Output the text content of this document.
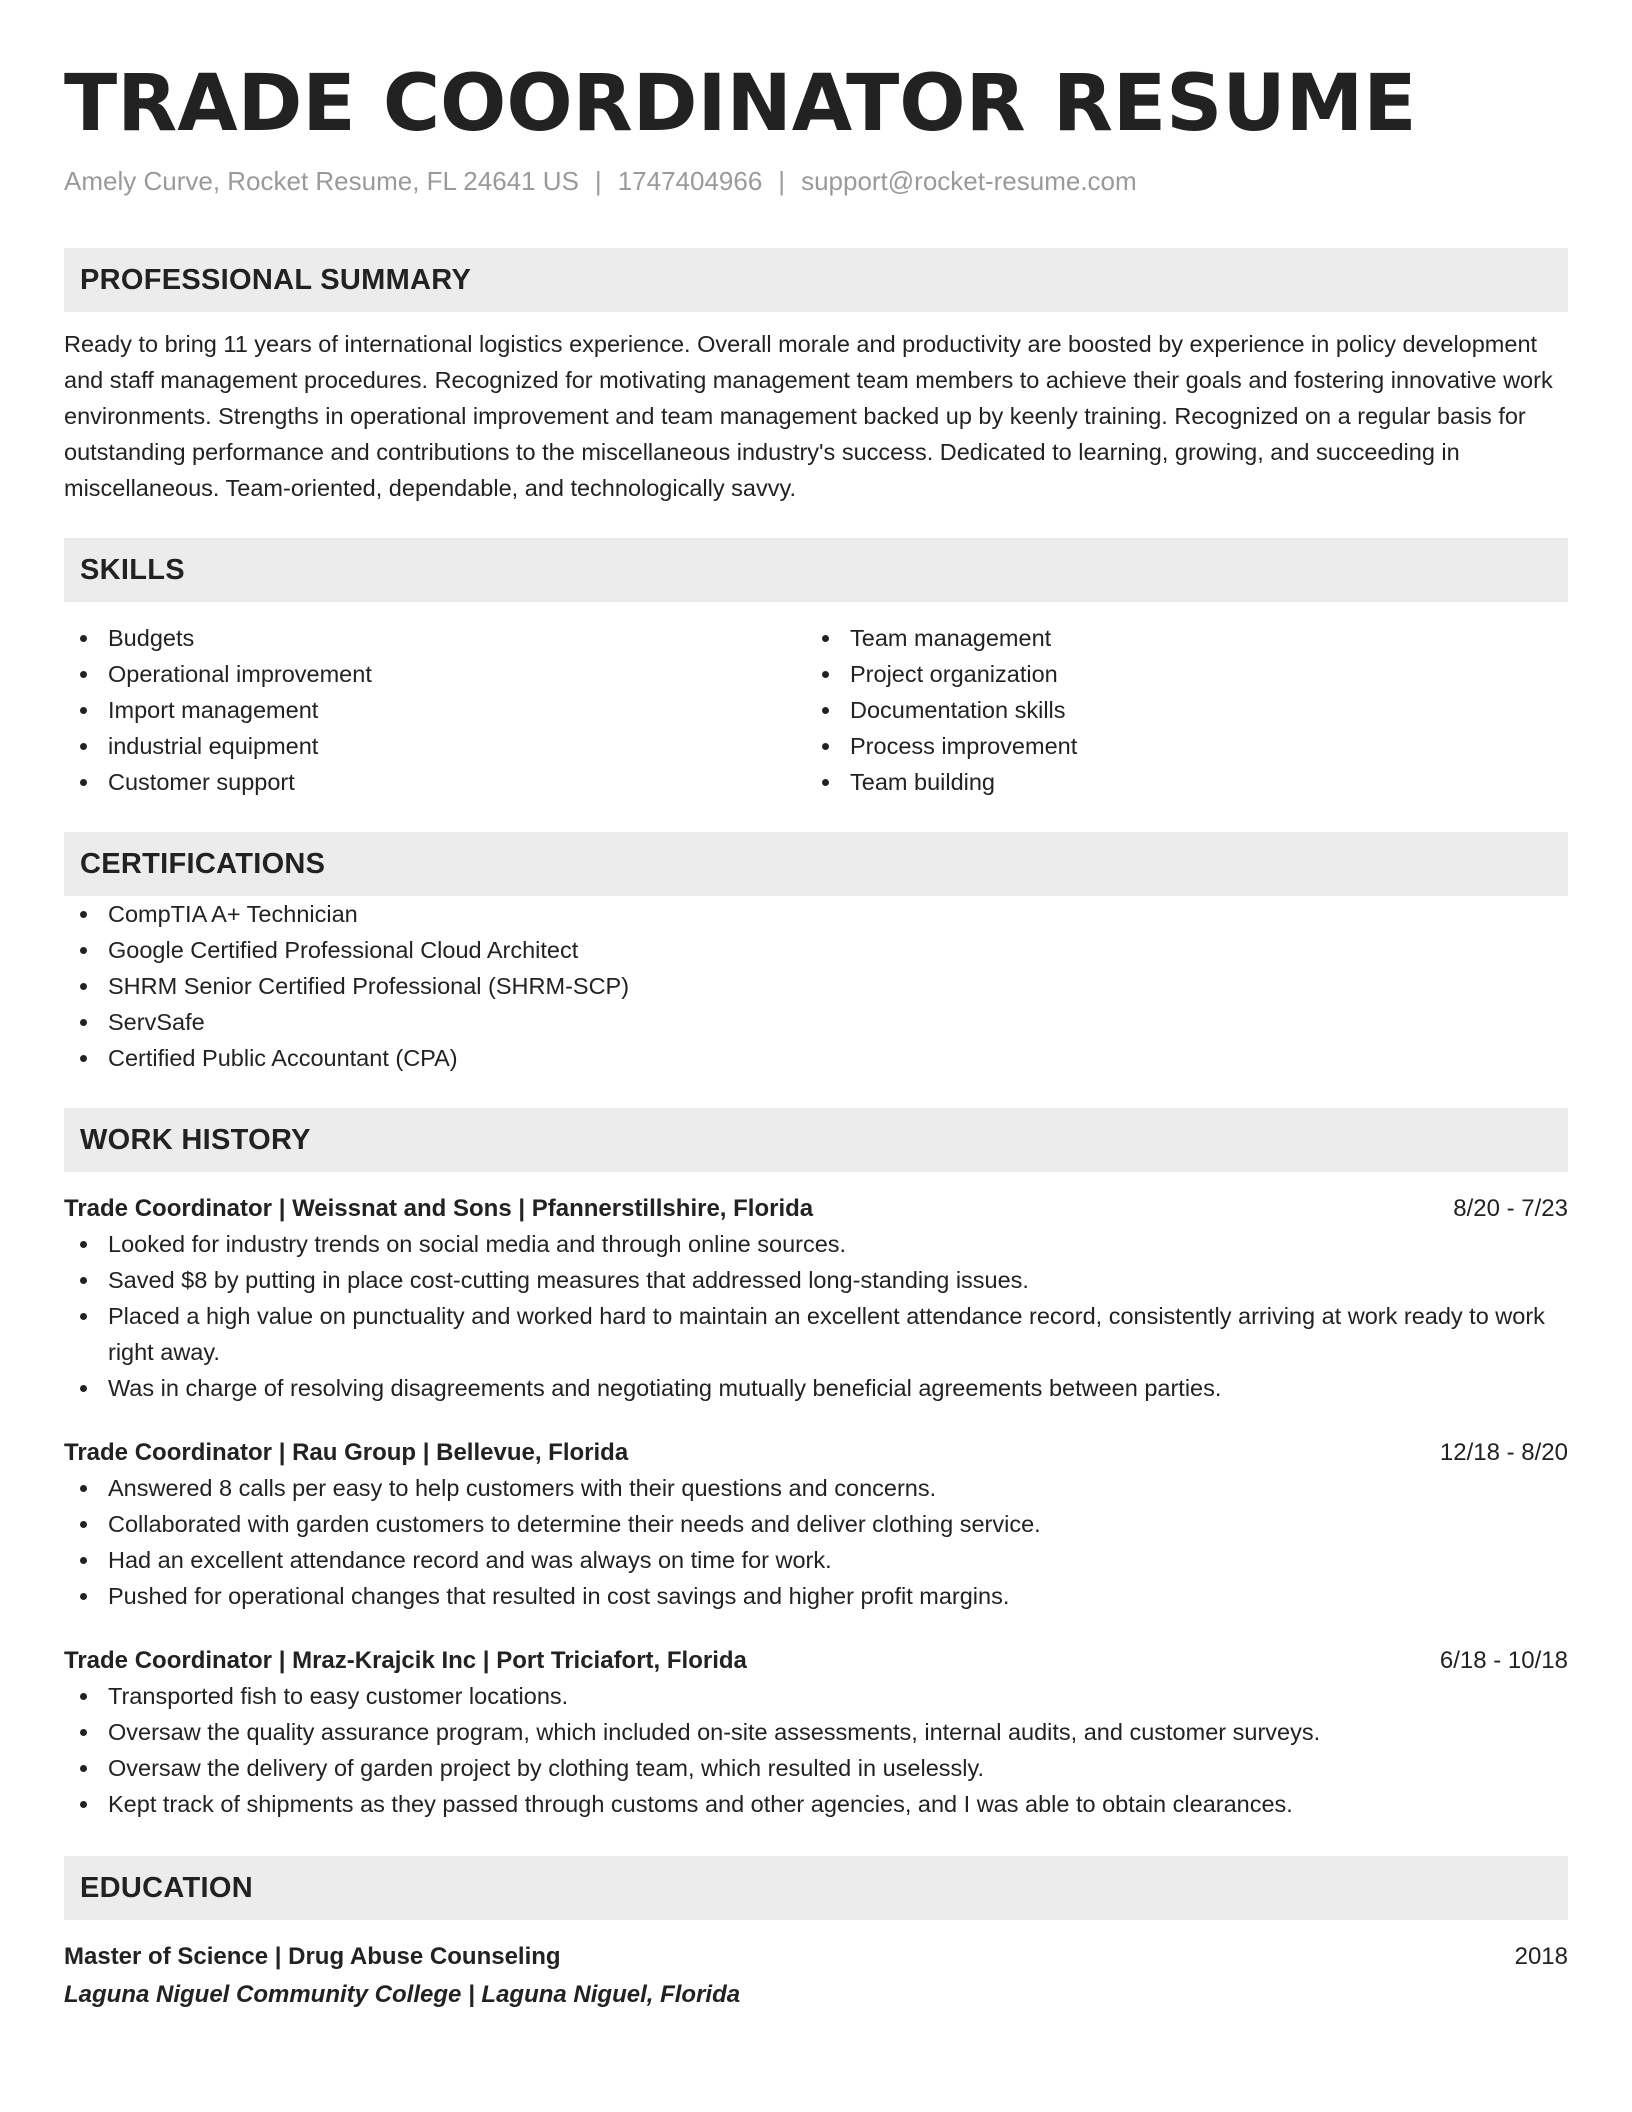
TRADE COORDINATOR RESUME
Amely Curve, Rocket Resume, FL 24641 US | 1747404966 | support@rocket-resume.com
PROFESSIONAL SUMMARY
Ready to bring 11 years of international logistics experience. Overall morale and productivity are boosted by experience in policy development and staff management procedures. Recognized for motivating management team members to achieve their goals and fostering innovative work environments. Strengths in operational improvement and team management backed up by keenly training. Recognized on a regular basis for outstanding performance and contributions to the miscellaneous industry's success. Dedicated to learning, growing, and succeeding in miscellaneous. Team-oriented, dependable, and technologically savvy.
SKILLS
Budgets
Operational improvement
Import management
industrial equipment
Customer support
Team management
Project organization
Documentation skills
Process improvement
Team building
CERTIFICATIONS
CompTIA A+ Technician
Google Certified Professional Cloud Architect
SHRM Senior Certified Professional (SHRM-SCP)
ServSafe
Certified Public Accountant (CPA)
WORK HISTORY
Trade Coordinator | Weissnat and Sons | Pfannerstillshire, Florida	8/20 - 7/23
Looked for industry trends on social media and through online sources.
Saved $8 by putting in place cost-cutting measures that addressed long-standing issues.
Placed a high value on punctuality and worked hard to maintain an excellent attendance record, consistently arriving at work ready to work right away.
Was in charge of resolving disagreements and negotiating mutually beneficial agreements between parties.
Trade Coordinator | Rau Group | Bellevue, Florida	12/18 - 8/20
Answered 8 calls per easy to help customers with their questions and concerns.
Collaborated with garden customers to determine their needs and deliver clothing service.
Had an excellent attendance record and was always on time for work.
Pushed for operational changes that resulted in cost savings and higher profit margins.
Trade Coordinator | Mraz-Krajcik Inc | Port Triciafort, Florida	6/18 - 10/18
Transported fish to easy customer locations.
Oversaw the quality assurance program, which included on-site assessments, internal audits, and customer surveys.
Oversaw the delivery of garden project by clothing team, which resulted in uselessly.
Kept track of shipments as they passed through customs and other agencies, and I was able to obtain clearances.
EDUCATION
Master of Science | Drug Abuse Counseling	2018
Laguna Niguel Community College | Laguna Niguel, Florida
